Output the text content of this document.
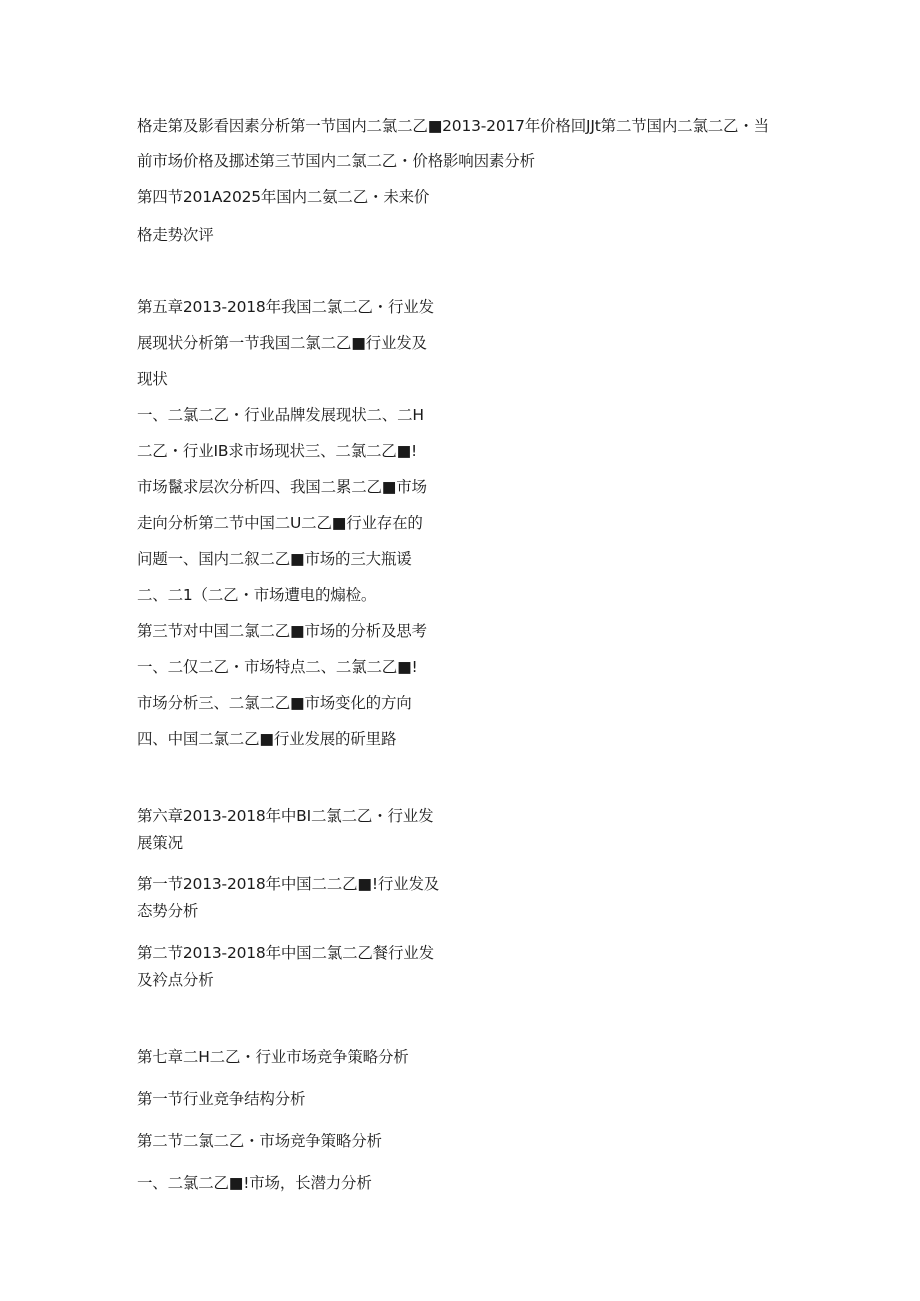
格走第及影看因素分析第一节国内二氯二乙■2013-2017年价格回JJt第二节国内二氯二乙・当

前市场价格及挪述第三节国内二氯二乙・价格影响因素分析

第四节201A2025年国内二氨二乙・未来价

格走势次评

第五章2013-2018年我国二氯二乙・行业发

展现状分析第一节我国二氯二乙■行业发及

现状

一、二氯二乙・行业品牌发展现状二、二H

二乙・行业IB求市场现状三、二氯二乙■!

市场鬣求层次分析四、我国二累二乙■市场

走向分析第二节中国二U二乙■行业存在的

问题一、国内二叙二乙■市场的三大瓶谖

二、二1（二乙・市场遭电的煽检。

第三节对中国二氯二乙■市场的分析及思考

一、二仅二乙・市场特点二、二氯二乙■!

市场分析三、二氯二乙■市场变化的方向

四、中国二氯二乙■行业发展的斫里路

第六章2013-2018年中BI二氯二乙・行业发

展策况

第一节2013-2018年中国二二乙■!行业发及

态势分析

第二节2013-2018年中国二氯二乙餐行业发

及衿点分析

第七章二H二乙・行业市场竞争策略分析

第一节行业竞争结构分析

第二节二氯二乙・市场竞争策略分析

一、二氯二乙■!市场，长潜力分析
